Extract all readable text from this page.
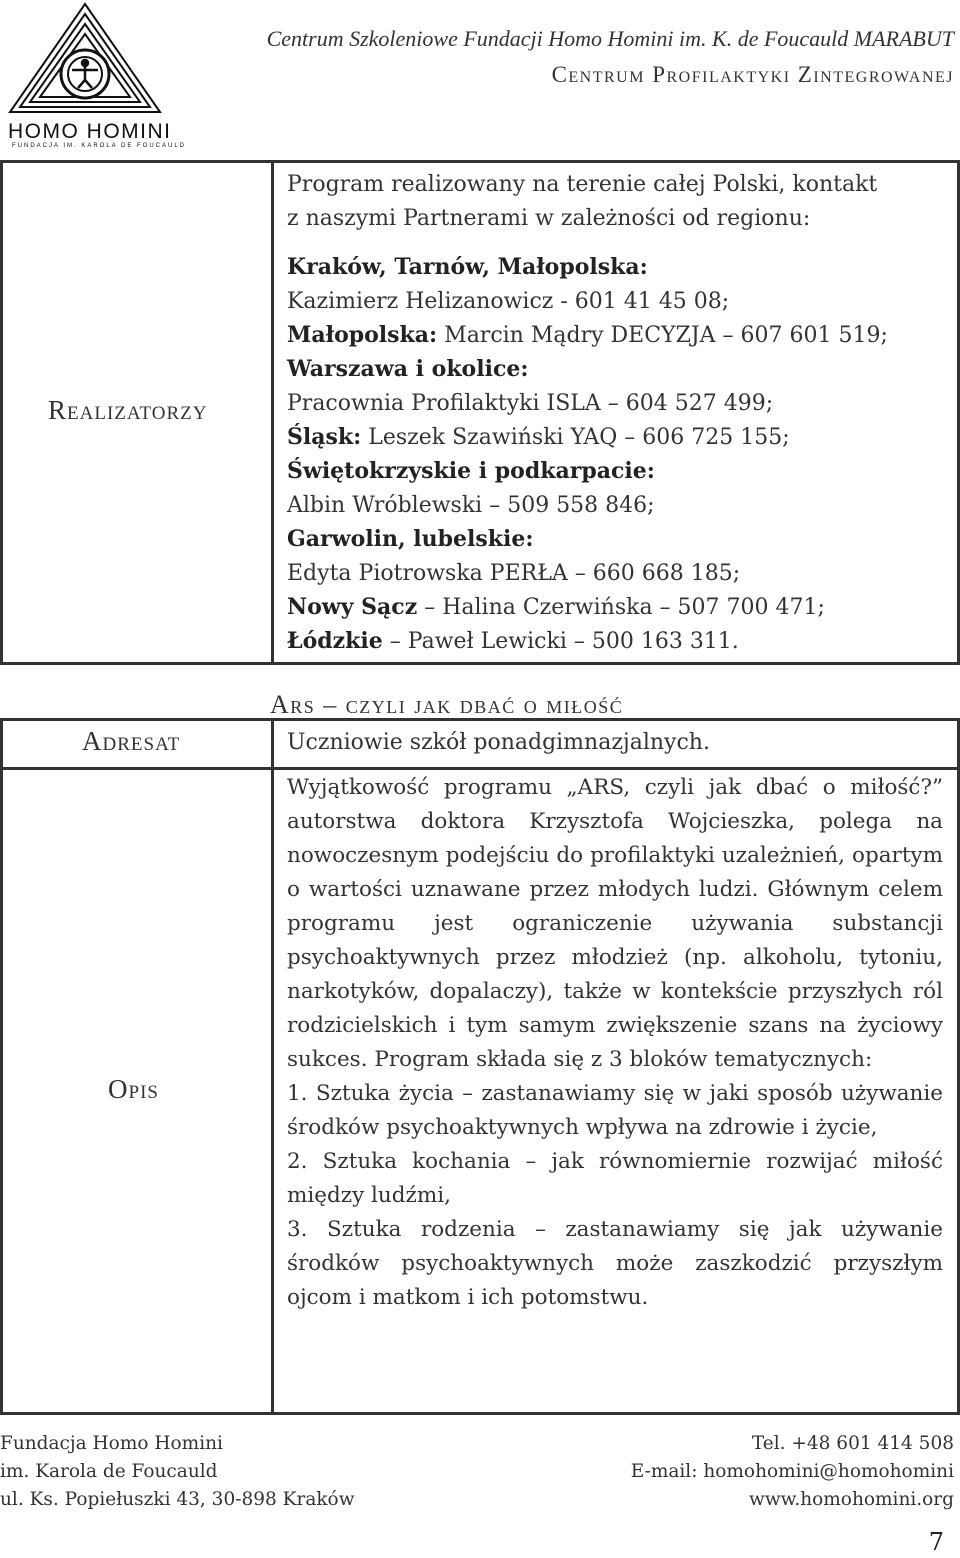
HOMO HOMINI
FUNDACJA IM. KAROLA DE FOUCAULD
Centrum Szkoleniowe Fundacji Homo Homini im. K. de Foucauld MARABUT
Centrum Profilaktyki Zintegrowanej
Realizatorzy
Program realizowany na terenie całej Polski, kontakt
z naszymi Partnerami w zależności od regionu:
Kraków, Tarnów, Małopolska:
Kazimierz Helizanowicz - 601 41 45 08;
Małopolska: Marcin Mądry DECYZJA – 607 601 519;
Warszawa i okolice:
Pracownia Profilaktyki ISLA – 604 527 499;
Śląsk: Leszek Szawiński YAQ – 606 725 155;
Świętokrzyskie i podkarpacie:
Albin Wróblewski – 509 558 846;
Garwolin, lubelskie:
Edyta Piotrowska PERŁA – 660 668 185;
Nowy Sącz – Halina Czerwińska – 507 700 471;
Łódzkie – Paweł Lewicki – 500 163 311.
Ars – czyli jak dbać o miłość
Adresat	Uczniowie szkół ponadgimnazjalnych.
Opis

Wyjątkowość programu „ARS, czyli jak dbać o miłość?” autorstwa doktora Krzysztofa Wojcieszka, polega na nowoczesnym podejściu do profilaktyki uzależnień, opartym o wartości uznawane przez młodych ludzi. Głównym celem programu jest ograniczenie używania substancji psychoaktywnych przez młodzież (np. alkoholu, tytoniu, narkotyków, dopalaczy), także w kontekście przyszłych ról rodzicielskich i tym samym zwiększenie szans na życiowy sukces. Program składa się z 3 bloków tematycznych:

1. Sztuka życia – zastanawiamy się w jaki sposób używanie środków psychoaktywnych wpływa na zdrowie i życie,

2. Sztuka kochania – jak równomiernie rozwijać miłość między ludźmi,

3. Sztuka rodzenia – zastanawiamy się jak używanie środków psychoaktywnych może zaszkodzić przyszłym ojcom i matkom i ich potomstwu.

Fundacja Homo Homini
im. Karola de Foucauld
ul. Ks. Popiełuszki 43, 30-898 Kraków
Tel. +48 601 414 508
E-mail: homohomini@homohomini
www.homohomini.org
7
